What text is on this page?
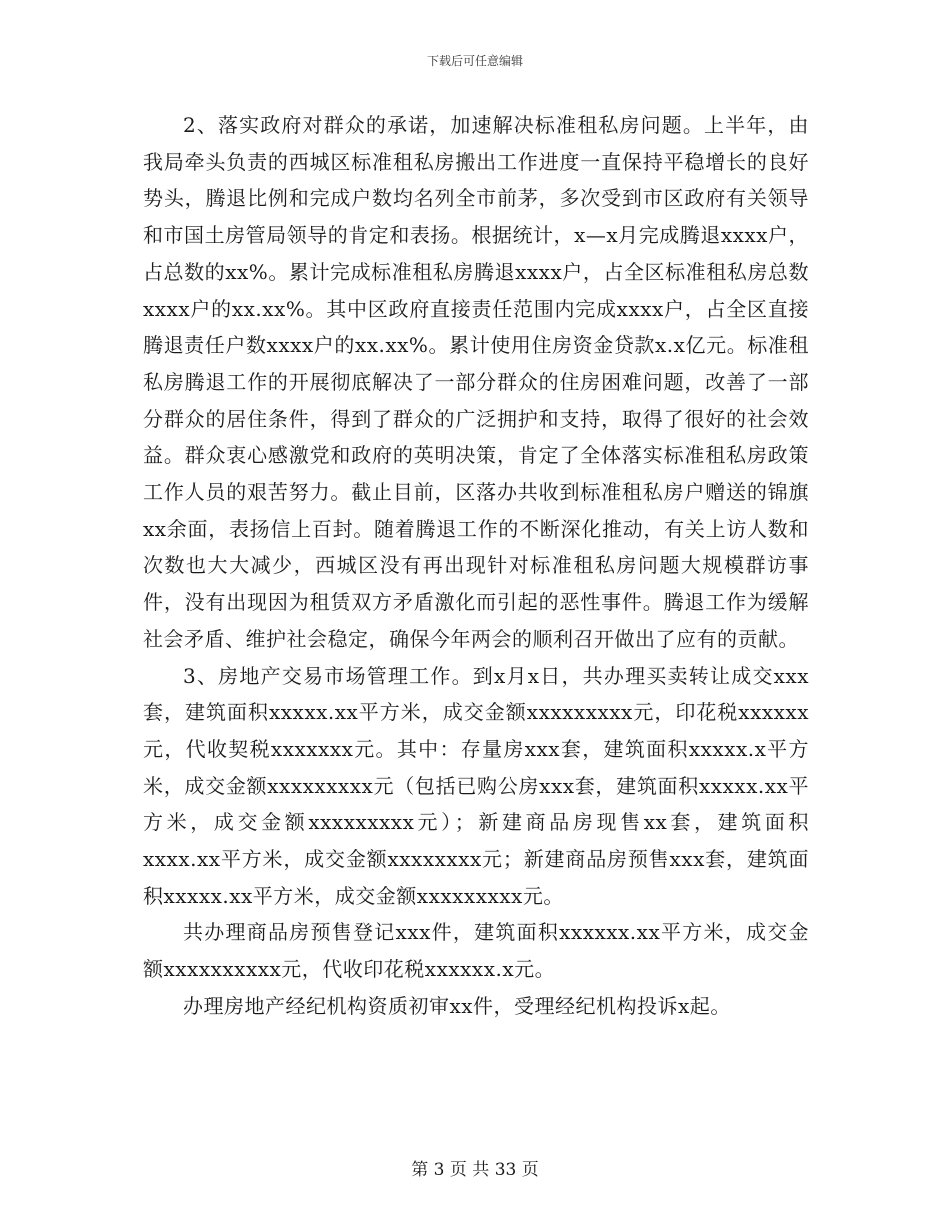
下载后可任意编辑

2、落实政府对群众的承诺，加速解决标准租私房问题。上半年，由我局牵头负责的西城区标准租私房搬出工作进度一直保持平稳增长的良好势头，腾退比例和完成户数均名列全市前茅，多次受到市区政府有关领导和市国土房管局领导的肯定和表扬。根据统计，x—x月完成腾退xxxx户，占总数的xx%。累计完成标准租私房腾退xxxx户，占全区标准租私房总数xxxx户的xx.xx%。其中区政府直接责任范围内完成xxxx户，占全区直接腾退责任户数xxxx户的xx.xx%。累计使用住房资金贷款x.x亿元。标准租私房腾退工作的开展彻底解决了一部分群众的住房困难问题，改善了一部分群众的居住条件，得到了群众的广泛拥护和支持，取得了很好的社会效益。群众衷心感激党和政府的英明决策，肯定了全体落实标准租私房政策工作人员的艰苦努力。截止目前，区落办共收到标准租私房户赠送的锦旗xx余面，表扬信上百封。随着腾退工作的不断深化推动，有关上访人数和次数也大大减少，西城区没有再出现针对标准租私房问题大规模群访事件，没有出现因为租赁双方矛盾激化而引起的恶性事件。腾退工作为缓解社会矛盾、维护社会稳定，确保今年两会的顺利召开做出了应有的贡献。

3、房地产交易市场管理工作。到x月x日，共办理买卖转让成交xxx套，建筑面积xxxxx.xx平方米，成交金额xxxxxxxxx元，印花税xxxxxx元，代收契税xxxxxxx元。其中：存量房xxx套，建筑面积xxxxx.x平方米，成交金额xxxxxxxxx元（包括已购公房xxx套，建筑面积xxxxx.xx平方米，成交金额xxxxxxxxx元）；新建商品房现售xx套，建筑面积xxxx.xx平方米，成交金额xxxxxxxx元；新建商品房预售xxx套，建筑面积xxxxx.xx平方米，成交金额xxxxxxxxx元。

共办理商品房预售登记xxx件，建筑面积xxxxxx.xx平方米，成交金额xxxxxxxxxx元，代收印花税xxxxxx.x元。

办理房地产经纪机构资质初审xx件，受理经纪机构投诉x起。

第 3 页 共 33 页
